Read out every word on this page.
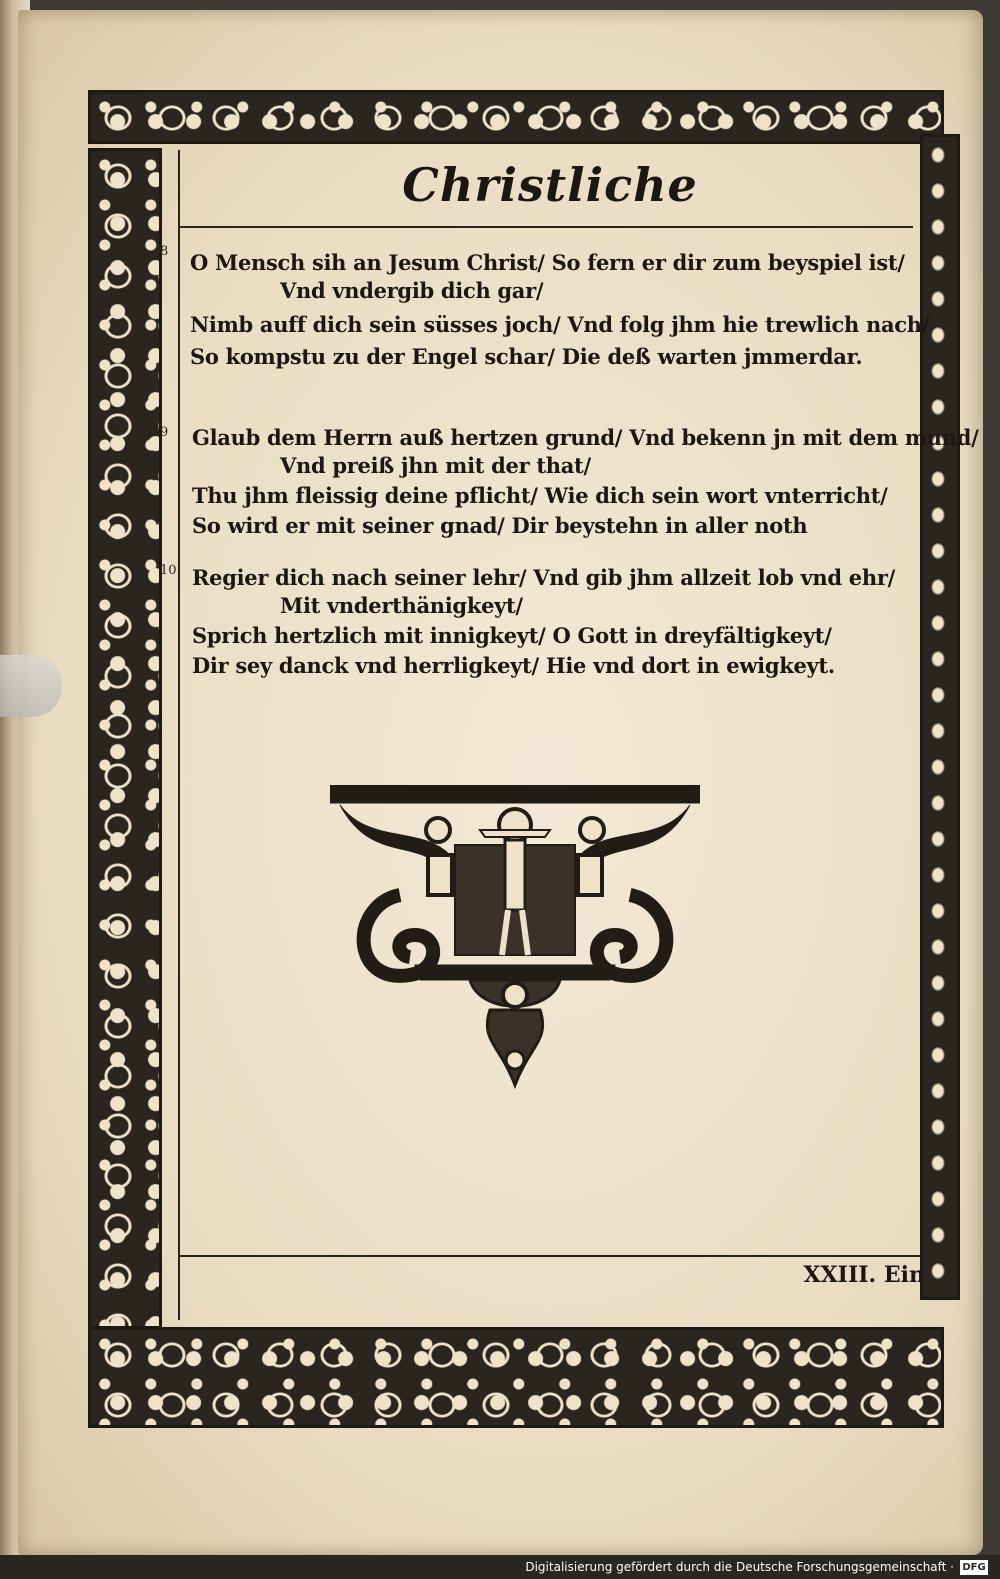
Christliche
8 O Mensch sih an Jesum Christ/ So fern er dir zum beyspiel ist/
Vnd vndergib dich gar/
Nimb auff dich sein süsses joch/ Vnd folg jhm hie trewlich nach/
So kompstu zu der Engel schar/ Die deß warten jmmerdar.
9 Glaub dem Herrn auß hertzen grund/ Vnd bekenn jn mit dem mund/
Vnd preiß jhn mit der that/
Thu jhm fleissig deine pflicht/ Wie dich sein wort vnterricht/
So wird er mit seiner gnad/ Dir beystehn in aller noth
10 Regier dich nach seiner lehr/ Vnd gib jhm allzeit lob vnd ehr/
Mit vnderthänigkeyt/
Sprich hertzlich mit innigkeyt/ O Gott in dreyfältigkeyt/
Dir sey danck vnd herrligkeyt/ Hie vnd dort in ewigkeyt.
XXIII. Ein
Digitalisierung gefördert durch die Deutsche Forschungsgemeinschaft · DFG
